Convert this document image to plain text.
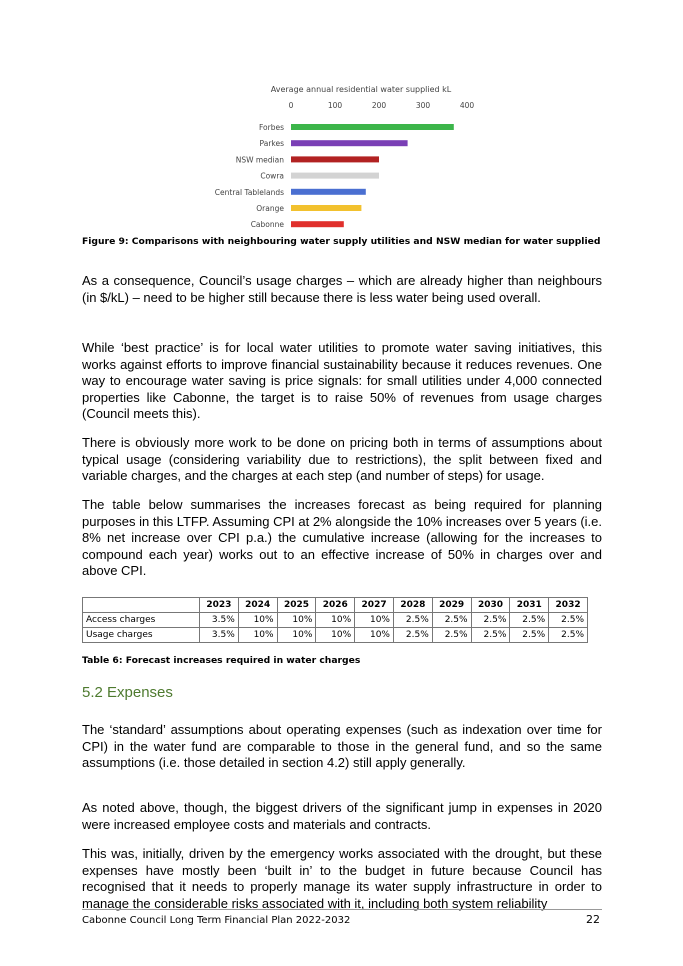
Average annual residential water supplied kL
0	100	200	300	400
Forbes
Parkes
NSW median
Cowra
Central Tablelands
Orange
Cabonne
Figure 9: Comparisons with neighbouring water supply utilities and NSW median for water supplied

As a consequence, Council’s usage charges – which are already higher than neighbours (in $/kL) – need to be higher still because there is less water being used overall.

While ‘best practice’ is for local water utilities to promote water saving initiatives, this works against efforts to improve financial sustainability because it reduces revenues. One way to encourage water saving is price signals: for small utilities under 4,000 connected properties like Cabonne, the target is to raise 50% of revenues from usage charges (Council meets this).

There is obviously more work to be done on pricing both in terms of assumptions about typical usage (considering variability due to restrictions), the split between fixed and variable charges, and the charges at each step (and number of steps) for usage.

The table below summarises the increases forecast as being required for planning purposes in this LTFP. Assuming CPI at 2% alongside the 10% increases over 5 years (i.e. 8% net increase over CPI p.a.) the cumulative increase (allowing for the increases to compound each year) works out to an effective increase of 50% in charges over and above CPI.

	2023	2024	2025	2026	2027	2028	2029	2030	2031	2032
Access charges	3.5%	10%	10%	10%	10%	2.5%	2.5%	2.5%	2.5%	2.5%
Usage charges	3.5%	10%	10%	10%	10%	2.5%	2.5%	2.5%	2.5%	2.5%
Table 6: Forecast increases required in water charges
5.2 Expenses

The ‘standard’ assumptions about operating expenses (such as indexation over time for CPI) in the water fund are comparable to those in the general fund, and so the same assumptions (i.e. those detailed in section 4.2) still apply generally.

As noted above, though, the biggest drivers of the significant jump in expenses in 2020 were increased employee costs and materials and contracts.

This was, initially, driven by the emergency works associated with the drought, but these expenses have mostly been ‘built in’ to the budget in future because Council has recognised that it needs to properly manage its water supply infrastructure in order to manage the considerable risks associated with it, including both system reliability

Cabonne Council Long Term Financial Plan 2022-2032	22
